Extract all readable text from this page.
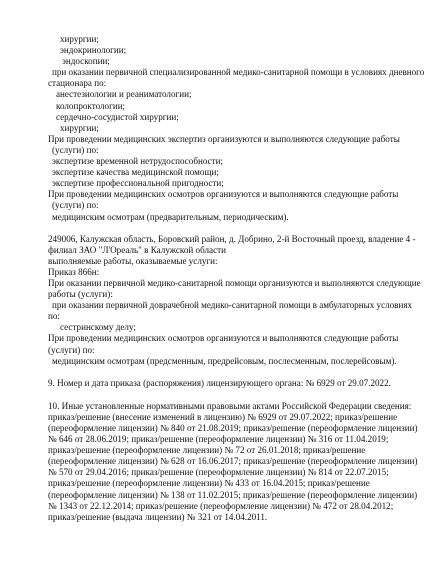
хирургии;
эндокринологии;
эндоскопии;
при оказании первичной специализированной медико-санитарной помощи в условиях дневного
стационара по:
анестезиологии и реаниматологии;
колопроктологии;
сердечно-сосудистой хирургии;
хирургии;
При проведении медицинских экспертиз организуются и выполняются следующие работы
(услуги) по:
экспертизе временной нетрудоспособности;
экспертизе качества медицинской помощи;
экспертизе профессиональной пригодности;
При проведении медицинских осмотров организуются и выполняются следующие работы
(услуги) по:
медицинским осмотрам (предварительным, периодическим).
249006, Калужская область, Боровский район, д. Добрино, 2-й Восточный проезд, владение 4 -
филиал ЗАО "Л'Ореаль" в Калужской области
выполняемые работы, оказываемые услуги:
Приказ 866н:
При оказании первичной медико-санитарной помощи организуются и выполняются следующие
работы (услуги):
при оказании первичной доврачебной медико-санитарной помощи в амбулаторных условиях
по:
сестринскому делу;
При проведении медицинских осмотров организуются и выполняются следующие работы
(услуги) по:
медицинским осмотрам (предсменным, предрейсовым, послесменным, послерейсовым).
9. Номер и дата приказа (распоряжения) лицензирующего органа: № 6929 от 29.07.2022.
10. Иные установленные нормативными правовыми актами Российской Федерации сведения:
приказ/решение (внесение изменений в лицензию) № 6929 от 29.07.2022; приказ/решение
(переоформление лицензии) № 840 от 21.08.2019; приказ/решение (переоформление лицензии)
№ 646 от 28.06.2019; приказ/решение (переоформление лицензии) № 316 от 11.04.2019;
приказ/решение (переоформление лицензии) № 72 от 26.01.2018; приказ/решение
(переоформление лицензии) № 628 от 16.06.2017; приказ/решение (переоформление лицензии)
№ 570 от 29.04.2016; приказ/решение (переоформление лицензии) № 814 от 22.07.2015;
приказ/решение (переоформление лицензии) № 433 от 16.04.2015; приказ/решение
(переоформление лицензии) № 138 от 11.02.2015; приказ/решение (переоформление лицензии)
№ 1343 от 22.12.2014; приказ/решение (переоформление лицензии) № 472 от 28.04.2012;
приказ/решение (выдача лицензии) № 321 от 14.04.2011.
